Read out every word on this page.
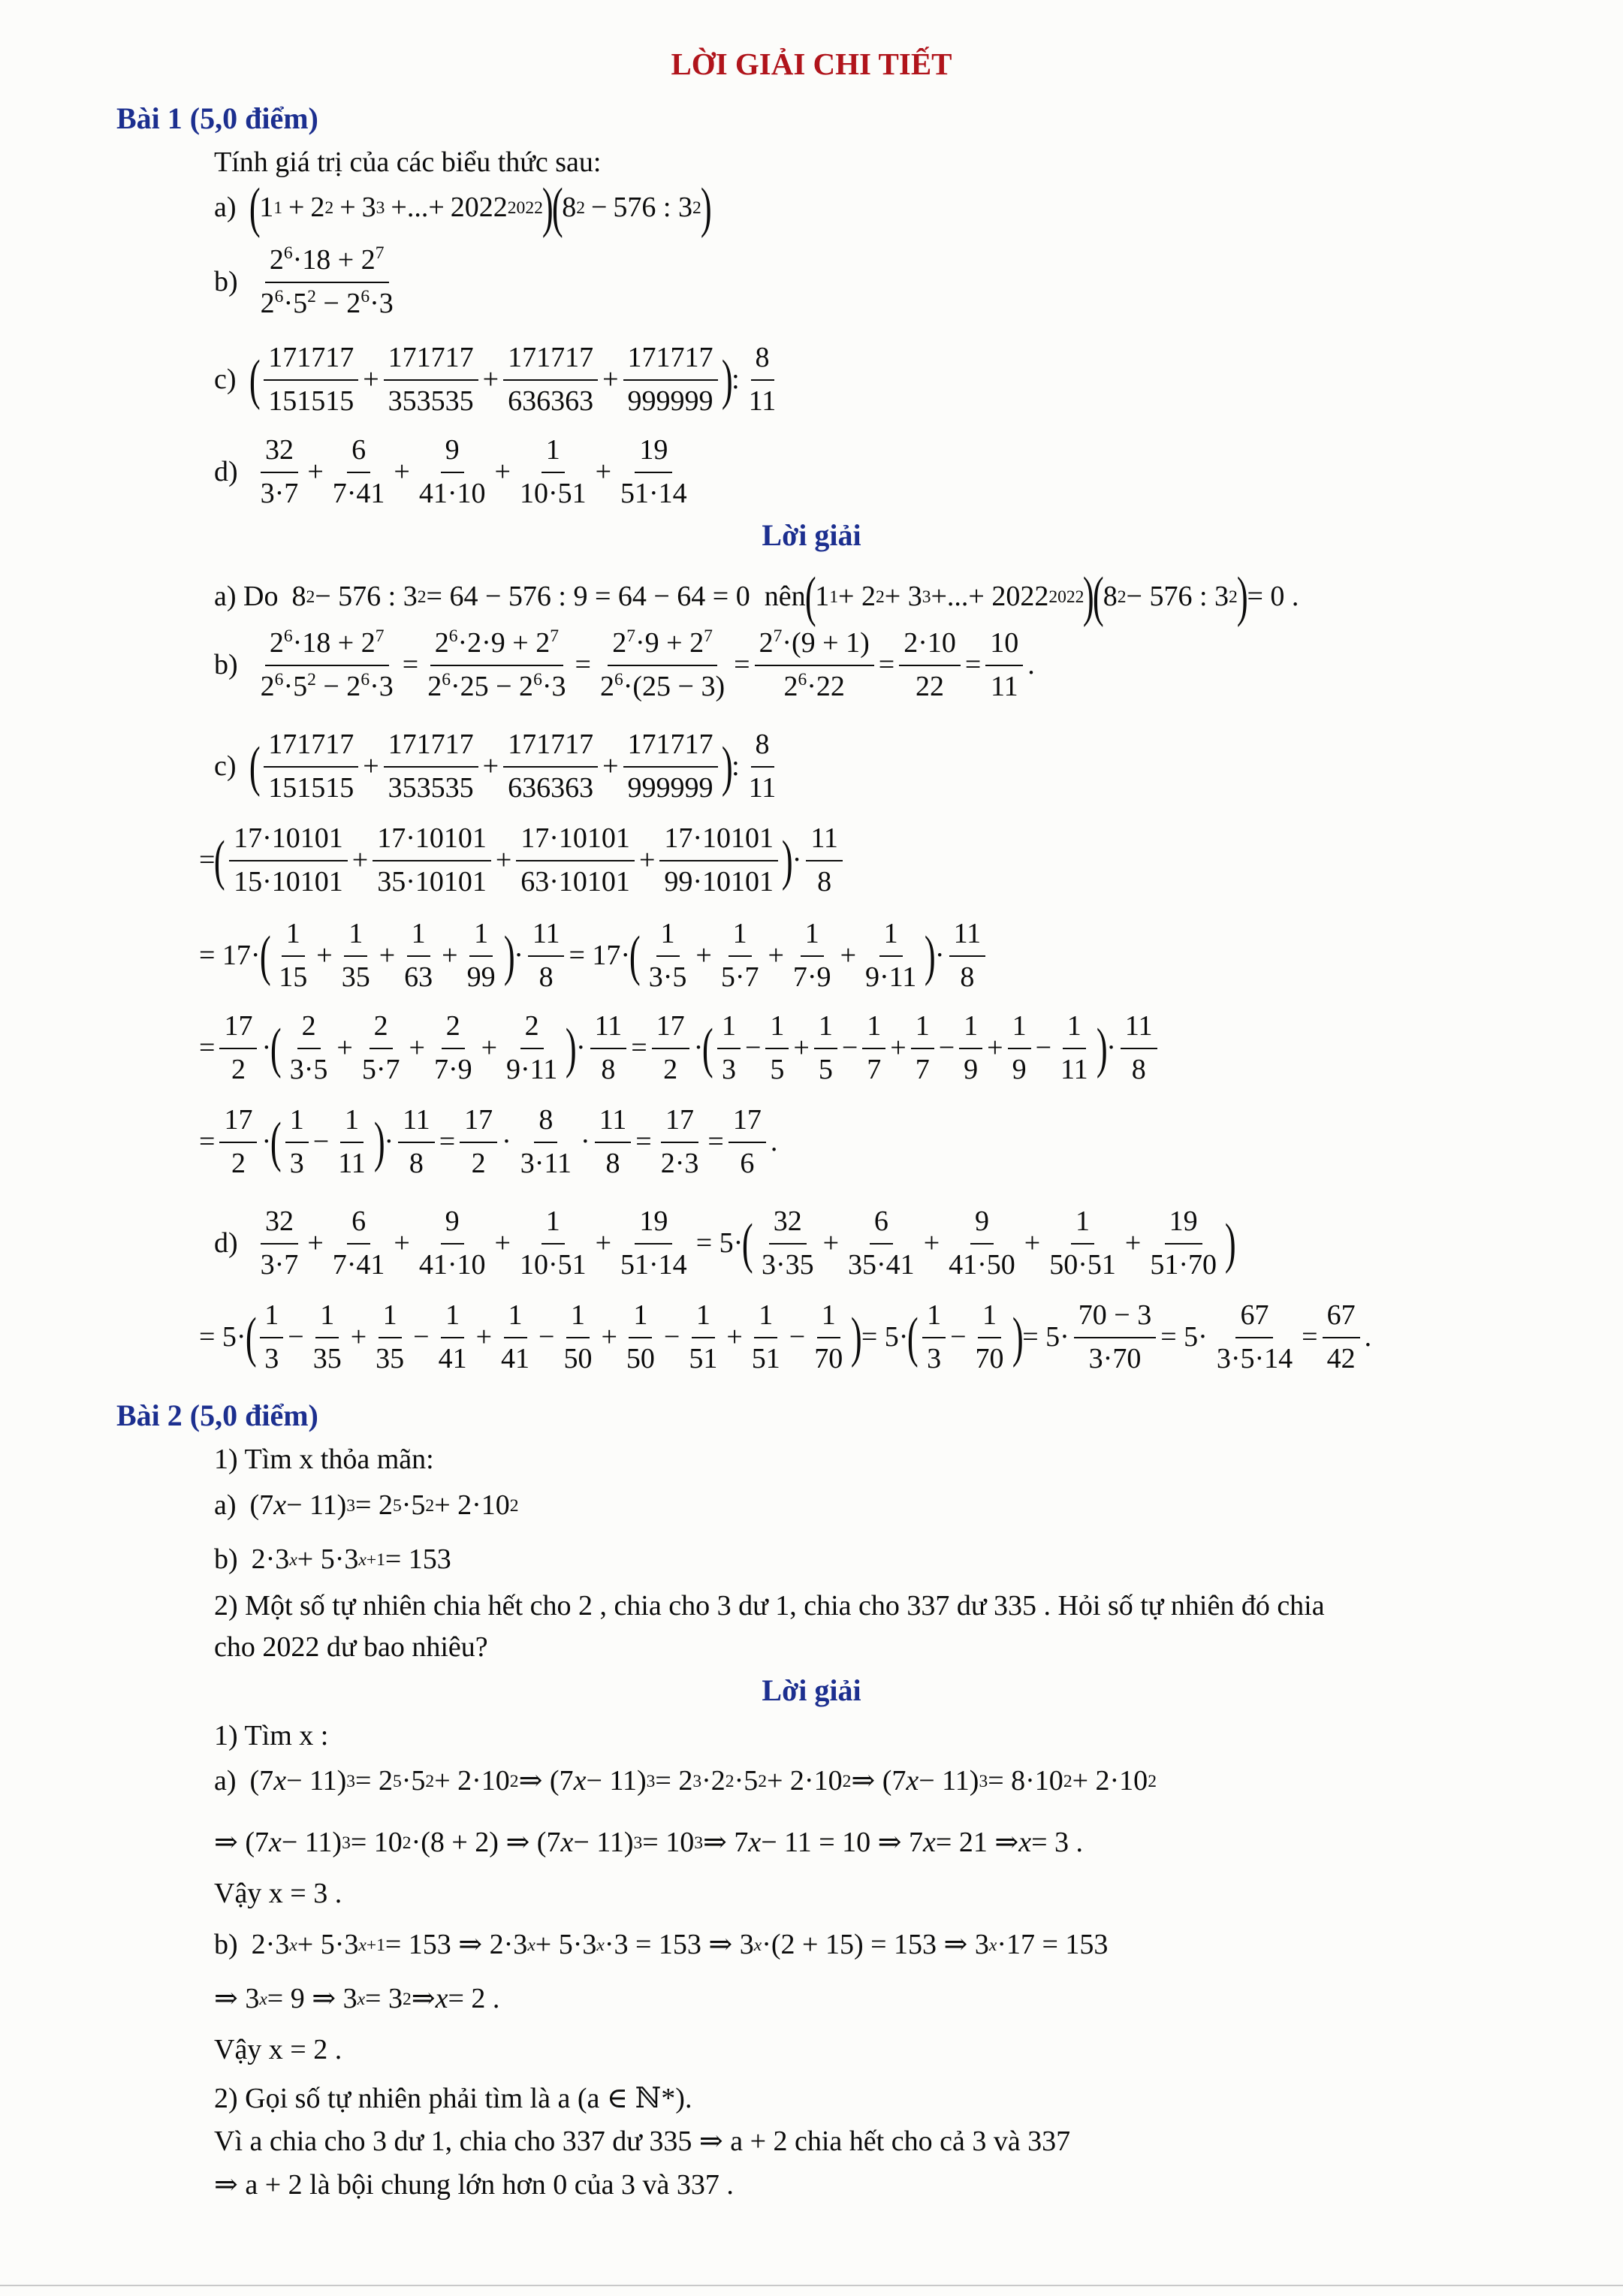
LỜI GIẢI CHI TIẾT
Bài 1 (5,0 điểm)
Tính giá trị của các biểu thức sau:
a) (
1 1 + 2 2 + 3 3 +...+ 2022 2022
)
(
8 2 − 576 : 3 2
)
$b) \frac{2^6\cdot 18 + 2^7}{2^6\cdot 5^2 - 2^6\cdot 3}$
c) ( $\frac{171717}{151515} + \frac{171717}{353535} + \frac{171717}{636363} + \frac{171717}{999999}$ )
: $\frac{8}{11}$
$d) \frac{32}{3\cdot 7} + \frac{6}{7\cdot 41} + \frac{9}{41\cdot 10} + \frac{1}{10\cdot 51} + \frac{19}{51\cdot 14}$
Lời giải
a) Do 8 2 − 576 : 3 2 = 64 − 576 : 9 = 64 − 64 = 0  nên
(
1 1 + 2 2 + 3 3 +...+ 2022 2022
)
(
8 2 − 576 : 3 2
)
= 0 .
$b) \frac{2^6\cdot 18 + 2^7}{2^6\cdot 5^2 - 2^6\cdot 3} = \frac{2^6\cdot 2\cdot 9 + 2^7}{2^6\cdot 25 - 2^6\cdot 3} = \frac{2^7\cdot 9 + 2^7}{2^6\cdot(25 - 3)} = \frac{2^7\cdot(9 + 1)}{2^6\cdot 22} = \frac{2\cdot 10}{22} = \frac{10}{11}$ .
c) ( $\frac{171717}{151515} + \frac{171717}{353535} + \frac{171717}{636363} + \frac{171717}{999999}$ )
: $\frac{8}{11}$
=
( $\frac{17\cdot 10101}{15\cdot 10101} + \frac{17\cdot 10101}{35\cdot 10101} + \frac{17\cdot 10101}{63\cdot 10101} + \frac{17\cdot 10101}{99\cdot 10101}$ )
· $\frac{11}{8}$
= 17·
( $\frac{1}{15} + \frac{1}{35} + \frac{1}{63} + \frac{1}{99}$ )
· $\frac{11}{8} = 17\cdot$
( $\frac{1}{3\cdot 5} + \frac{1}{5\cdot 7} + \frac{1}{7\cdot 9} + \frac{1}{9\cdot 11}$ )
· $\frac{11}{8}$
= $\frac{17}{2}$ ·
( $\frac{2}{3\cdot 5} + \frac{2}{5\cdot 7} + \frac{2}{7\cdot 9} + \frac{2}{9\cdot 11}$ )
· $\frac{11}{8} = \frac{17}{2}$ ·
( $\frac{1}{3} - \frac{1}{5} + \frac{1}{5} - \frac{1}{7} + \frac{1}{7} - \frac{1}{9} + \frac{1}{9} - \frac{1}{11}$ )
· $\frac{11}{8}$
= $\frac{17}{2}$ ·
( $\frac{1}{3} - \frac{1}{11}$ )
· $\frac{11}{8} = \frac{17}{2} \cdot \frac{8}{3\cdot 11} \cdot \frac{11}{8} = \frac{17}{2\cdot 3} = \frac{17}{6}$ .
$d) \frac{32}{3\cdot 7} + \frac{6}{7\cdot 41} + \frac{9}{41\cdot 10} + \frac{1}{10\cdot 51} + \frac{19}{51\cdot 14} = 5\cdot$
( $\frac{32}{3\cdot 35} + \frac{6}{35\cdot 41} + \frac{9}{41\cdot 50} + \frac{1}{50\cdot 51} + \frac{19}{51\cdot 70}$ )
= 5·
( $\frac{1}{3} - \frac{1}{35} + \frac{1}{35} - \frac{1}{41} + \frac{1}{41} - \frac{1}{50} + \frac{1}{50} - \frac{1}{51} + \frac{1}{51} - \frac{1}{70}$ )
= 5·
( $\frac{1}{3} - \frac{1}{70}$ )
= $5\cdot \frac{70 - 3}{3\cdot 70} = 5\cdot \frac{67}{3\cdot 5\cdot 14} = \frac{67}{42}$ .
Bài 2 (5,0 điểm)
1) Tìm x thỏa mãn:
a) (7 x − 11) 3 = 2 5 ·5 2 + 2·10 2
b) 2·3 x + 5·3 x+1 = 153
2) Một số tự nhiên chia hết cho 2 , chia cho 3 dư 1, chia cho 337 dư 335 . Hỏi số tự nhiên đó chia
cho 2022 dư bao nhiêu?
Lời giải
1) Tìm x :
a) (7 x − 11) 3 = 2 5 ·5 2 + 2·10 2 ⇒ (7 x − 11) 3 = 2 3 ·2 2 ·5 2 + 2·10 2 ⇒ (7 x − 11) 3 = 8·10 2 + 2·10 2
⇒ (7 x − 11) 3 = 10 2 ·(8 + 2) ⇒ (7 x − 11) 3 = 10 3 ⇒ 7 x − 11 = 10 ⇒ 7 x = 21 ⇒ x = 3 .
Vậy x = 3 .
b) 2·3 x + 5·3 x+1 = 153 ⇒ 2·3 x + 5·3 x ·3 = 153 ⇒ 3 x ·(2 + 15) = 153 ⇒ 3 x ·17 = 153
⇒ 3 x = 9 ⇒ 3 x = 3 2 ⇒ x = 2 .
Vậy x = 2 .
2) Gọi số tự nhiên phải tìm là a (a ∈ ℕ*).
Vì a chia cho 3 dư 1, chia cho 337 dư 335 ⇒ a + 2 chia hết cho cả 3 và 337
⇒ a + 2 là bội chung lớn hơn 0 của 3 và 337 .
